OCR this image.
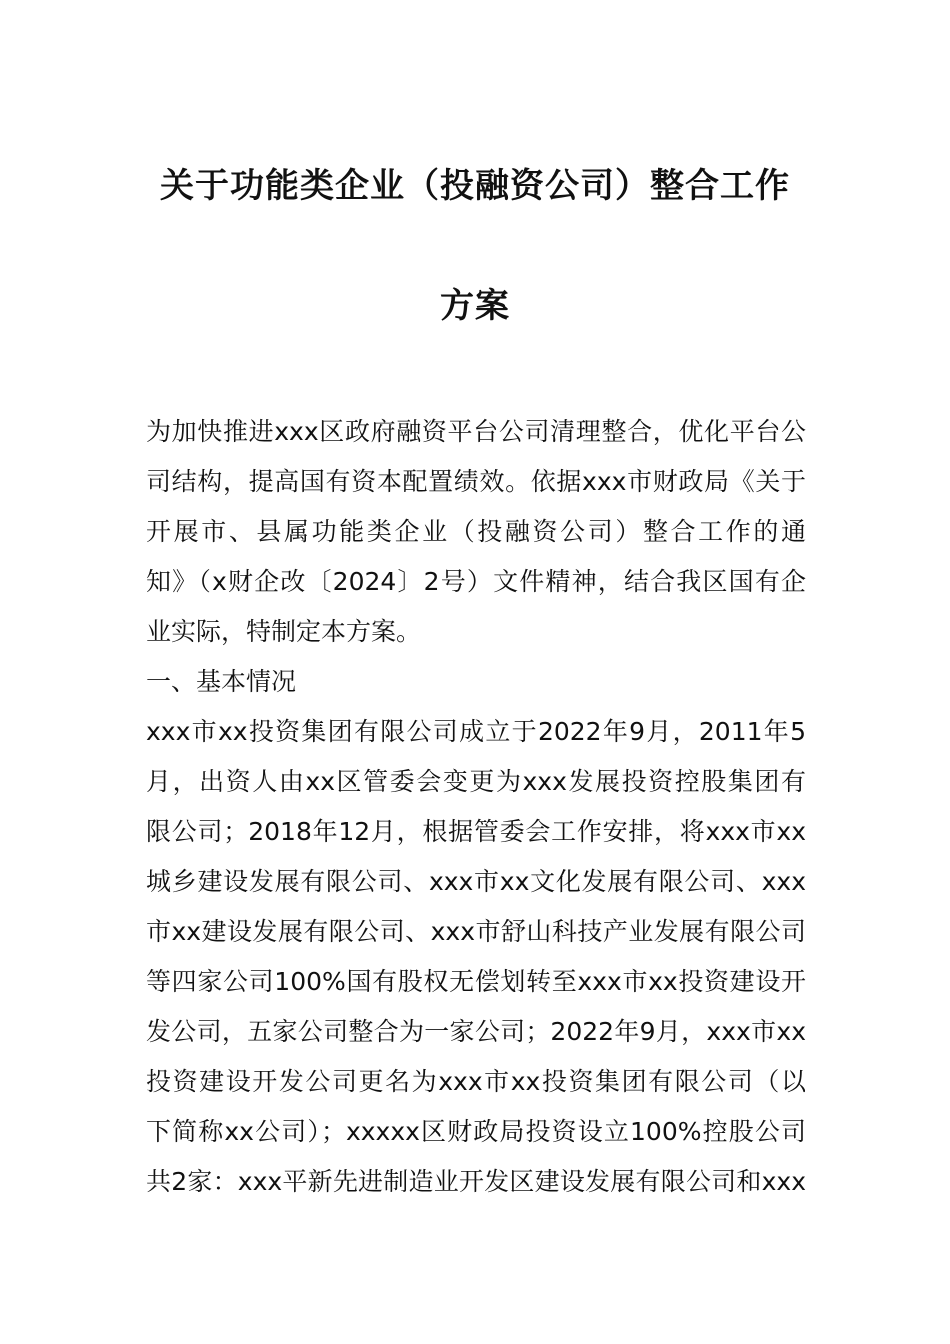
关于功能类企业（投融资公司）整合工作
方案
为加快推进xxx区政府融资平台公司清理整合，优化平台公
司结构，提高国有资本配置绩效。依据xxx市财政局《关于
开展市、县属功能类企业（投融资公司）整合工作的通
知》（x财企改〔2024〕2号）文件精神，结合我区国有企
业实际，特制定本方案。
一、基本情况
xxx市xx投资集团有限公司成立于2022年9月，2011年5
月，出资人由xx区管委会变更为xxx发展投资控股集团有
限公司；2018年12月，根据管委会工作安排，将xxx市xx
城乡建设发展有限公司、xxx市xx文化发展有限公司、xxx
市xx建设发展有限公司、xxx市舒山科技产业发展有限公司
等四家公司100%国有股权无偿划转至xxx市xx投资建设开
发公司，五家公司整合为一家公司；2022年9月，xxx市xx
投资建设开发公司更名为xxx市xx投资集团有限公司（以
下简称xx公司）；xxxxx区财政局投资设立100%控股公司
共2家：xxx平新先进制造业开发区建设发展有限公司和xxx
